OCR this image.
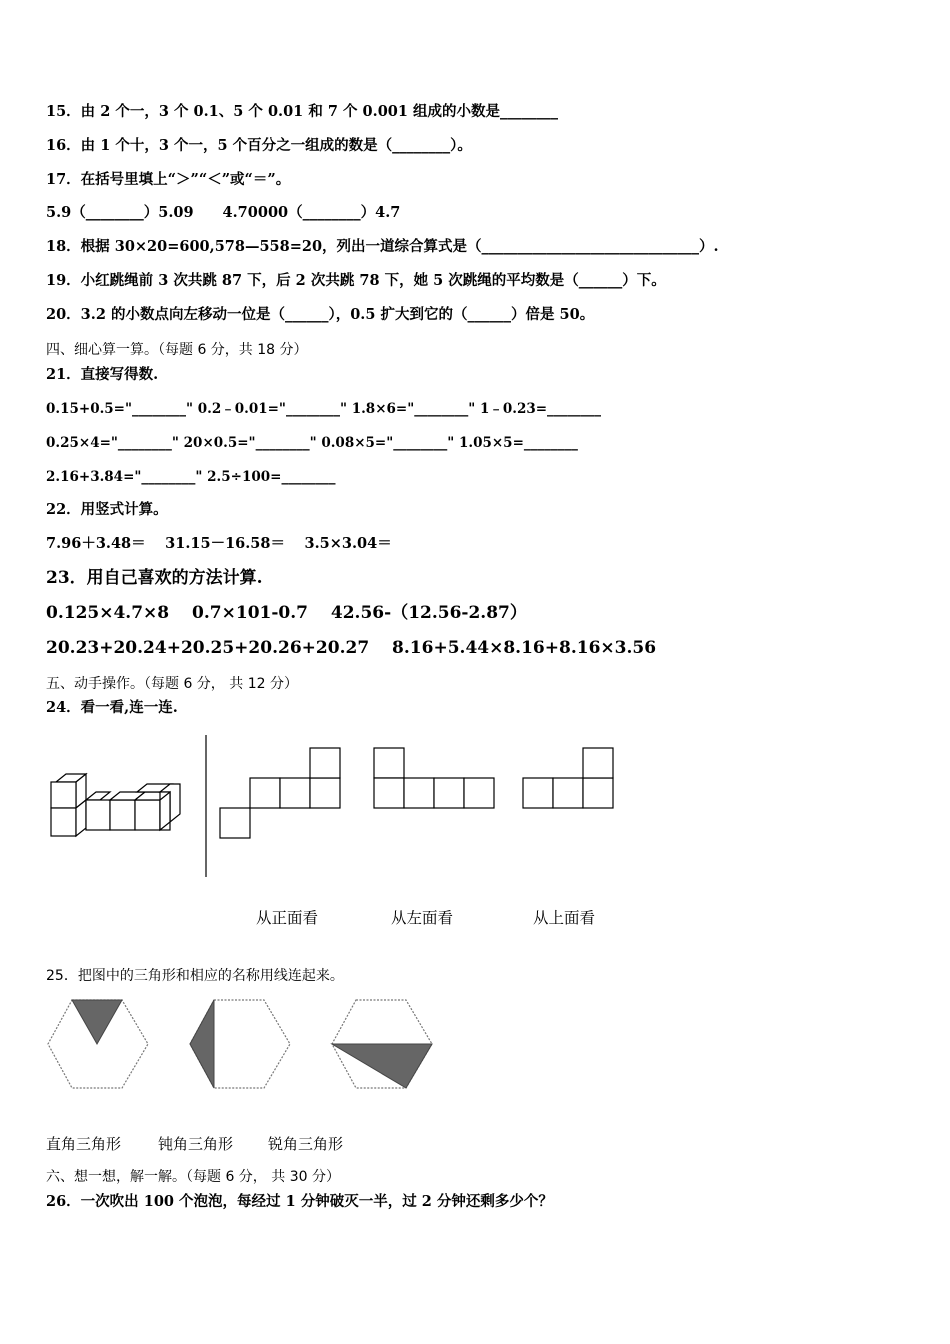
15．由 2 个一，3 个 0.1、5 个 0.01 和 7 个 0.001 组成的小数是________
16．由 1 个十，3 个一，5 个百分之一组成的数是（________）。
17．在括号里填上“＞”“＜”或“＝”。
5.9（________）5.09　　4.70000（________）4.7
18．根据 30×20=600,578—558=20，列出一道综合算式是（______________________________）.
19．小红跳绳前 3 次共跳 87 下，后 2 次共跳 78 下，她 5 次跳绳的平均数是（______）下。
20．3.2 的小数点向左移动一位是（______），0.5 扩大到它的（______）倍是 50。
四、细心算一算。（每题 6 分，共 18 分）
21．直接写得数.
0.15+0.5="________" 0.2﹣0.01="________" 1.8×6="________" 1﹣0.23=________
0.25×4="________" 20×0.5="________" 0.08×5="________" 1.05×5=________
2.16+3.84="________" 2.5÷100=________
22．用竖式计算。
7.96＋3.48＝　 31.15－16.58＝　 3.5×3.04＝
23．用自己喜欢的方法计算.
0.125×4.7×8　 0.7×101-0.7　 42.56-（12.56-2.87）
20.23+20.24+20.25+20.26+20.27　 8.16+5.44×8.16+8.16×3.56
五、动手操作。（每题 6 分， 共 12 分）
24．看一看,连一连.
从正面看	从左面看	从上面看
25．把图中的三角形和相应的名称用线连起来。
直角三角形 钝角三角形 锐角三角形
六、想一想，解一解。（每题 6 分， 共 30 分）
26．一次吹出 100 个泡泡，每经过 1 分钟破灭一半，过 2 分钟还剩多少个？
